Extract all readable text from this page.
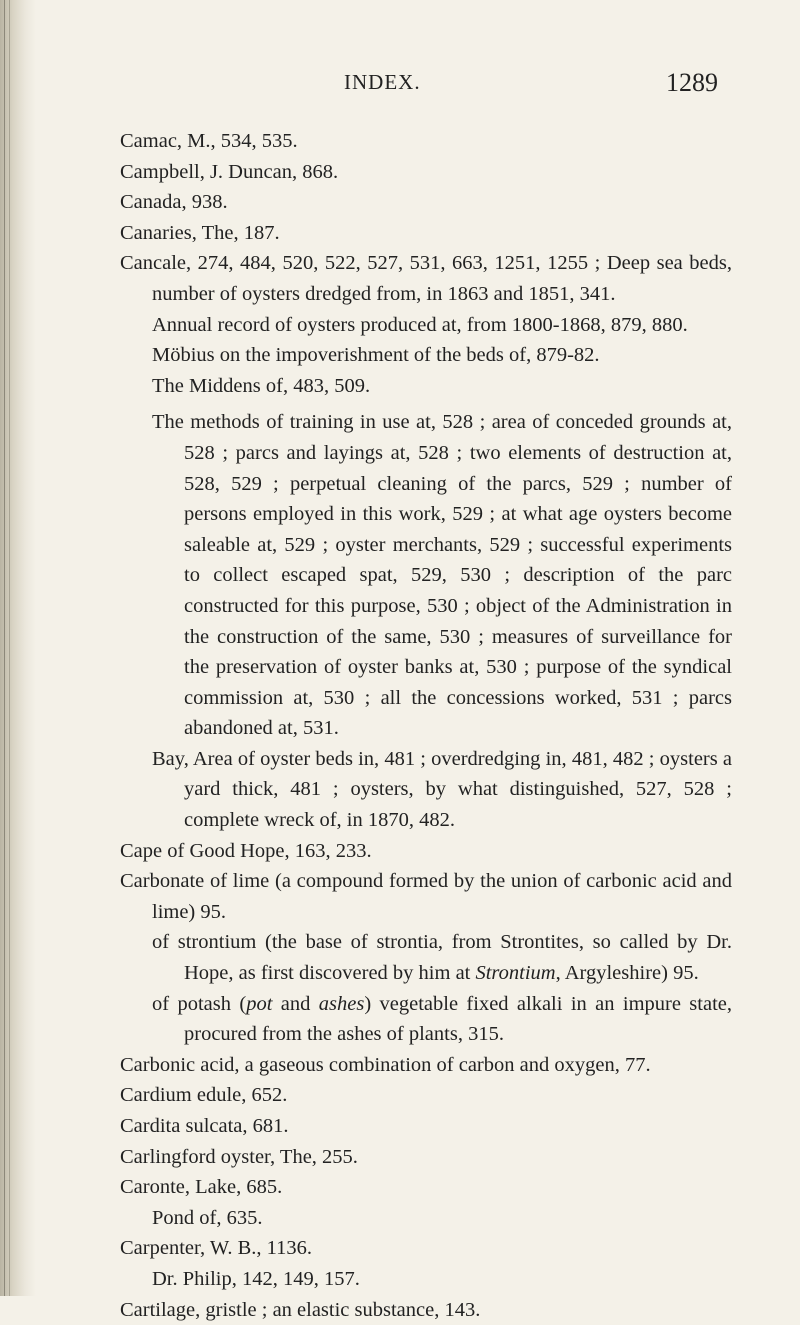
INDEX.	1289
Camac, M., 534, 535.
Campbell, J. Duncan, 868.
Canada, 938.
Canaries, The, 187.
Cancale, 274, 484, 520, 522, 527, 531, 663, 1251, 1255 ; Deep sea beds, number of oysters dredged from, in 1863 and 1851, 341.
Annual record of oysters produced at, from 1800-1868, 879, 880.
Möbius on the impoverishment of the beds of, 879-82.
The Middens of, 483, 509.
The methods of training in use at, 528 ; area of conceded grounds at, 528 ; parcs and layings at, 528 ; two elements of destruction at, 528, 529 ; perpetual cleaning of the parcs, 529 ; number of persons employed in this work, 529 ; at what age oysters become saleable at, 529 ; oyster merchants, 529 ; successful experiments to collect escaped spat, 529, 530 ; description of the parc constructed for this purpose, 530 ; object of the Administration in the construction of the same, 530 ; measures of surveillance for the preservation of oyster banks at, 530 ; purpose of the syndical commission at, 530 ; all the concessions worked, 531 ; parcs abandoned at, 531.
Bay, Area of oyster beds in, 481 ; overdredging in, 481, 482 ; oysters a yard thick, 481 ; oysters, by what distinguished, 527, 528 ; complete wreck of, in 1870, 482.
Cape of Good Hope, 163, 233.
Carbonate of lime (a compound formed by the union of carbonic acid and lime) 95.
of strontium (the base of strontia, from Strontites, so called by Dr. Hope, as first discovered by him at Strontium, Argyleshire) 95.
of potash (pot and ashes) vegetable fixed alkali in an impure state, procured from the ashes of plants, 315.
Carbonic acid, a gaseous combination of carbon and oxygen, 77.
Cardium edule, 652.
Cardita sulcata, 681.
Carlingford oyster, The, 255.
Caronte, Lake, 685.
Pond of, 635.
Carpenter, W. B., 1136.
Dr. Philip, 142, 149, 157.
Cartilage, gristle ; an elastic substance, 143.
